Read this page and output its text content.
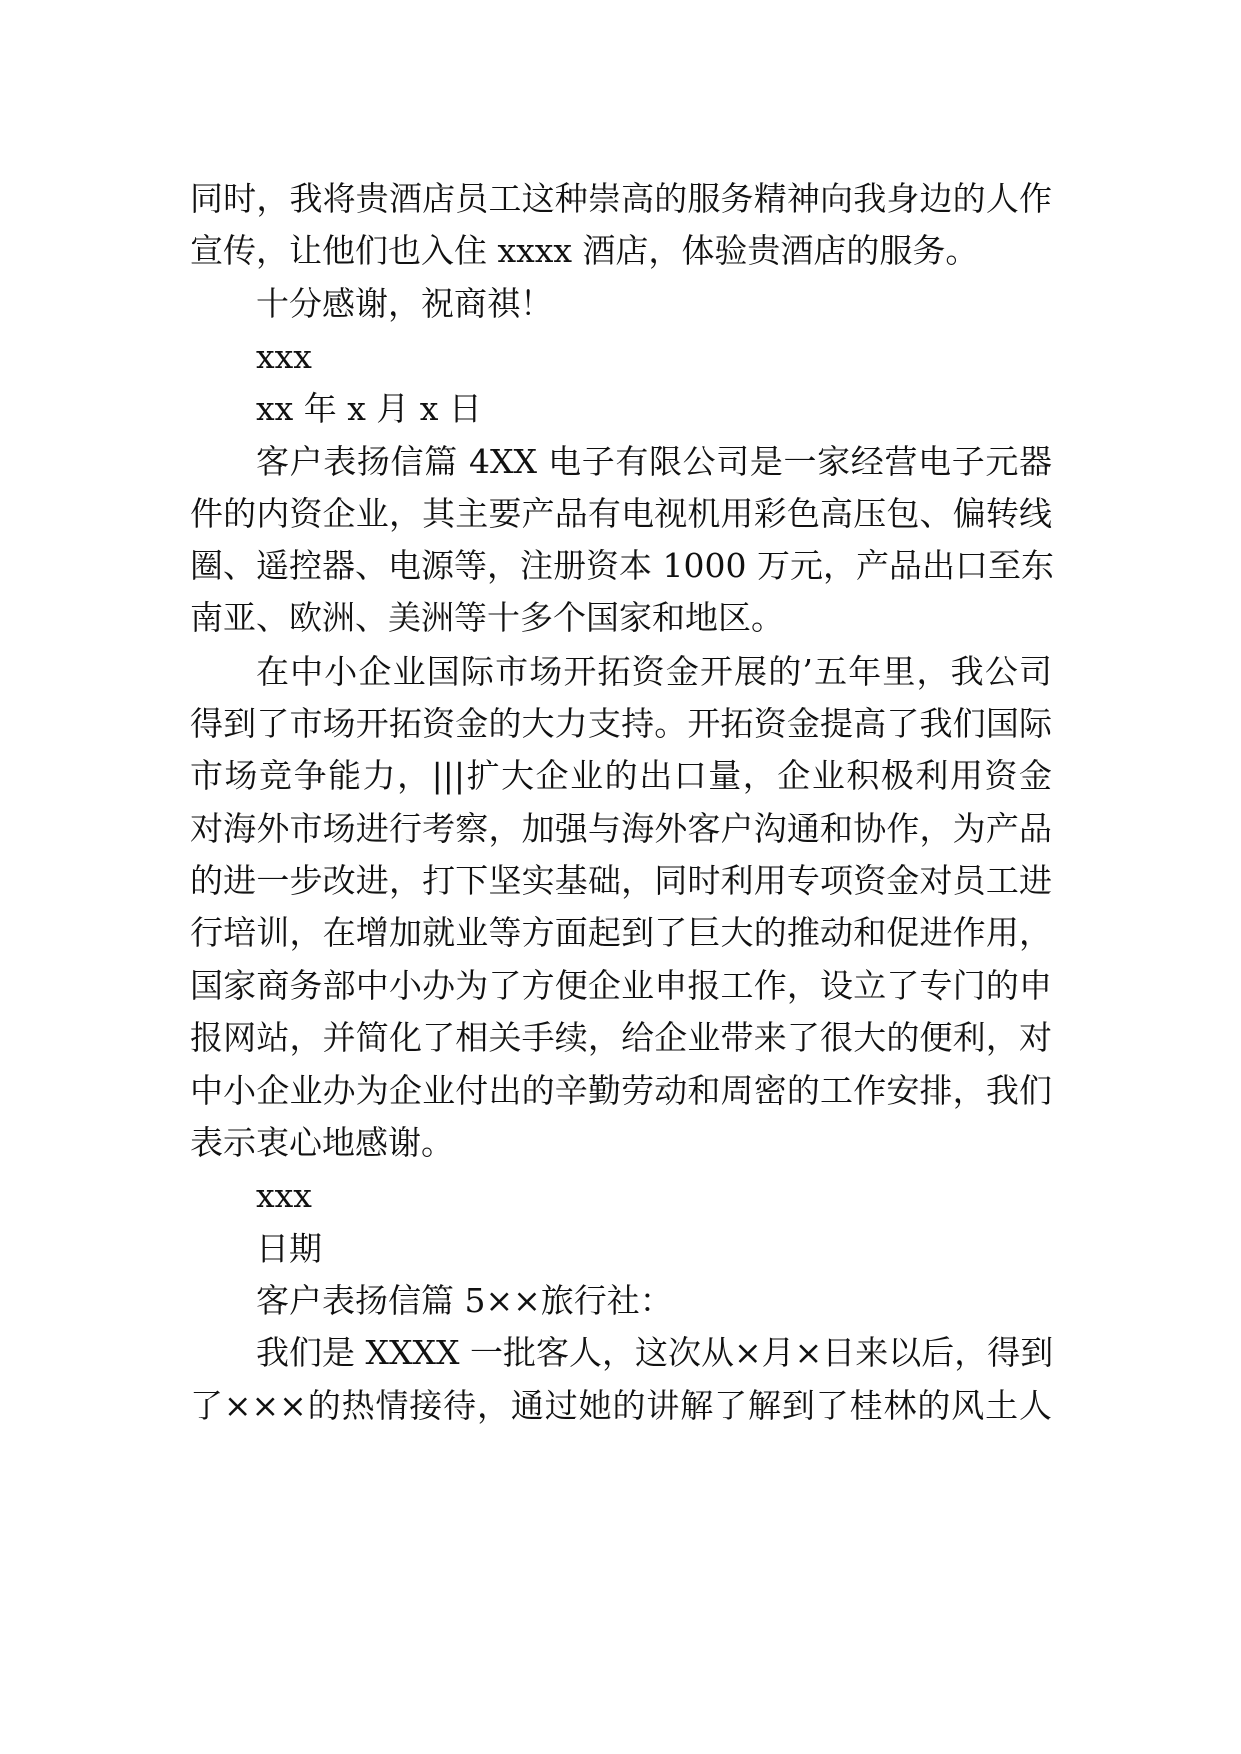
同时，我将贵酒店员工这种崇高的服务精神向我身边的人作

宣传，让他们也入住 xxxx 酒店，体验贵酒店的服务。

十分感谢，祝商祺！

xxx

xx 年 x 月 x 日

客户表扬信篇 4XX 电子有限公司是一家经营电子元器

件的内资企业，其主要产品有电视机用彩色高压包、偏转线

圈、遥控器、电源等，注册资本 1000 万元，产品出口至东

南亚、欧洲、美洲等十多个国家和地区。

在中小企业国际市场开拓资金开展的’五年里，我公司

得到了市场开拓资金的大力支持。开拓资金提高了我们国际

市场竞争能力，|||扩大企业的出口量，企业积极利用资金

对海外市场进行考察，加强与海外客户沟通和协作，为产品

的进一步改进，打下坚实基础，同时利用专项资金对员工进

行培训，在增加就业等方面起到了巨大的推动和促进作用，

国家商务部中小办为了方便企业申报工作，设立了专门的申

报网站，并简化了相关手续，给企业带来了很大的便利，对

中小企业办为企业付出的辛勤劳动和周密的工作安排，我们

表示衷心地感谢。

xxx

日期

客户表扬信篇 5××旅行社：

我们是 XXXX 一批客人，这次从×月×日来以后，得到

了×××的热情接待，通过她的讲解了解到了桂林的风土人
